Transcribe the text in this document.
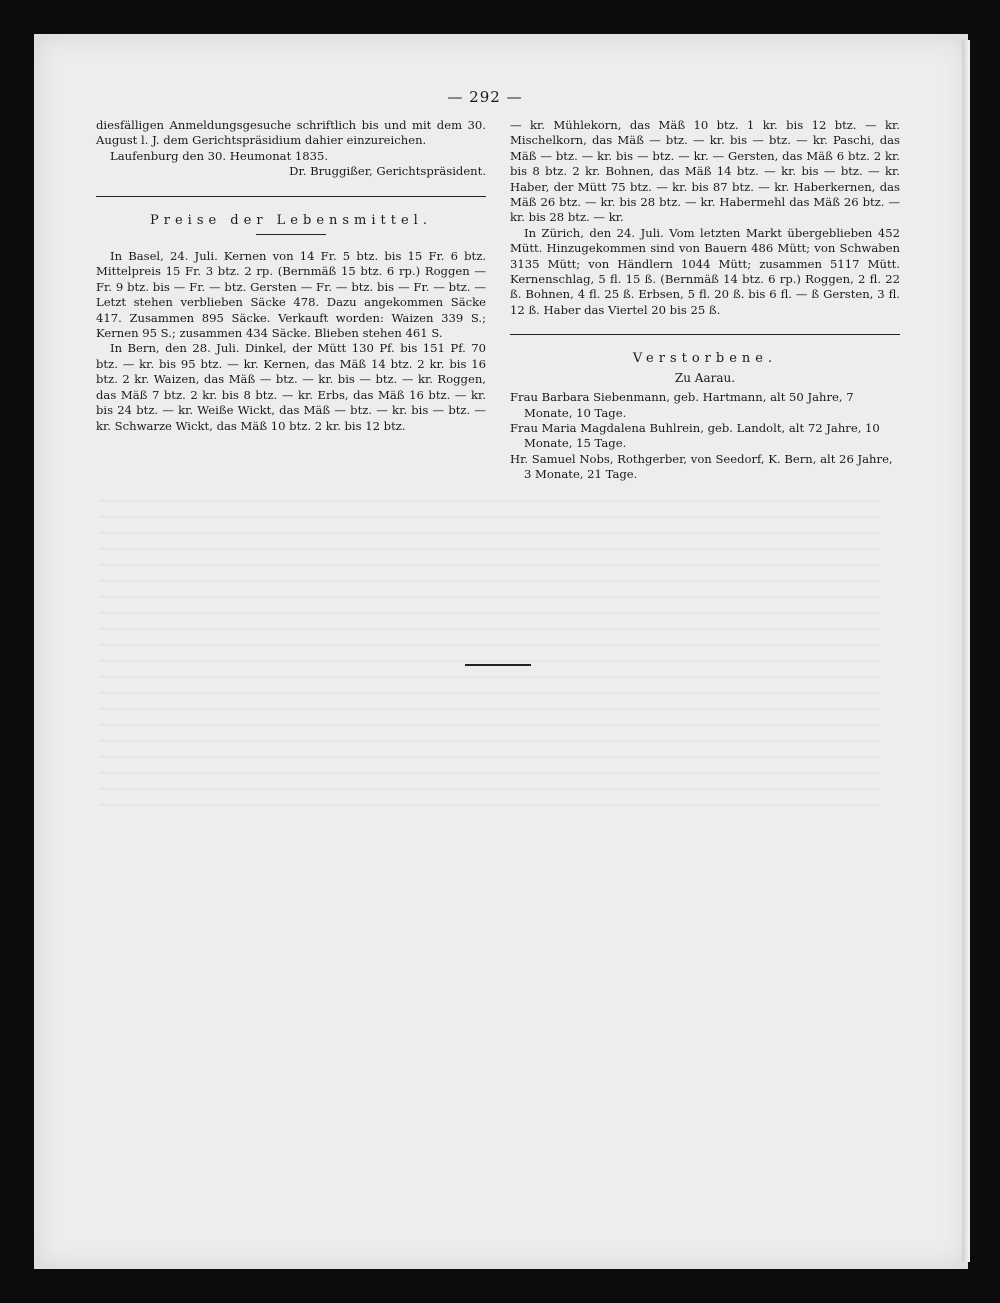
— 292 —

diesfälligen Anmeldungsgesuche schriftlich bis und mit dem 30. August l. J. dem Gerichtspräsidium dahier einzureichen.

Laufenburg den 30. Heumonat 1835.

Dr. Bruggißer, Gerichtspräsident.

Preise der Lebensmittel.

In Basel, 24. Juli. Kernen von 14 Fr. 5 btz. bis 15 Fr. 6 btz. Mittelpreis 15 Fr. 3 btz. 2 rp. (Bernmäß 15 btz. 6 rp.) Roggen — Fr. 9 btz. bis — Fr. — btz. Gersten — Fr. — btz. bis — Fr. — btz. — Letzt stehen verblieben Säcke 478. Dazu angekommen Säcke 417. Zusammen 895 Säcke. Verkauft worden: Waizen 339 S.; Kernen 95 S.; zusammen 434 Säcke. Blieben stehen 461 S.

In Bern, den 28. Juli. Dinkel, der Mütt 130 Pf. bis 151 Pf. 70 btz. — kr. bis 95 btz. — kr. Kernen, das Mäß 14 btz. 2 kr. bis 16 btz. 2 kr. Waizen, das Mäß — btz. — kr. bis — btz. — kr. Roggen, das Mäß 7 btz. 2 kr. bis 8 btz. — kr. Erbs, das Mäß 16 btz. — kr. bis 24 btz. — kr. Weiße Wickt, das Mäß — btz. — kr. bis — btz. — kr. Schwarze Wickt, das Mäß 10 btz. 2 kr. bis 12 btz.

— kr. Mühlekorn, das Mäß 10 btz. 1 kr. bis 12 btz. — kr. Mischelkorn, das Mäß — btz. — kr. bis — btz. — kr. Paschi, das Mäß — btz. — kr. bis — btz. — kr. — Gersten, das Mäß 6 btz. 2 kr. bis 8 btz. 2 kr. Bohnen, das Mäß 14 btz. — kr. bis — btz. — kr. Haber, der Mütt 75 btz. — kr. bis 87 btz. — kr. Haberkernen, das Mäß 26 btz. — kr. bis 28 btz. — kr. Habermehl das Mäß 26 btz. — kr. bis 28 btz. — kr.

In Zürich, den 24. Juli. Vom letzten Markt übergeblieben 452 Mütt. Hinzugekommen sind von Bauern 486 Mütt; von Schwaben 3135 Mütt; von Händlern 1044 Mütt; zusammen 5117 Mütt. Kernenschlag, 5 fl. 15 ß. (Bernmäß 14 btz. 6 rp.) Roggen, 2 fl. 22 ß. Bohnen, 4 fl. 25 ß. Erbsen, 5 fl. 20 ß. bis 6 fl. — ß Gersten, 3 fl. 12 ß. Haber das Viertel 20 bis 25 ß.

Verstorbene.
Zu Aarau.

Frau Barbara Siebenmann, geb. Hartmann, alt 50 Jahre, 7 Monate, 10 Tage.

Frau Maria Magdalena Buhlrein, geb. Landolt, alt 72 Jahre, 10 Monate, 15 Tage.

Hr. Samuel Nobs, Rothgerber, von Seedorf, K. Bern, alt 26 Jahre, 3 Monate, 21 Tage.
